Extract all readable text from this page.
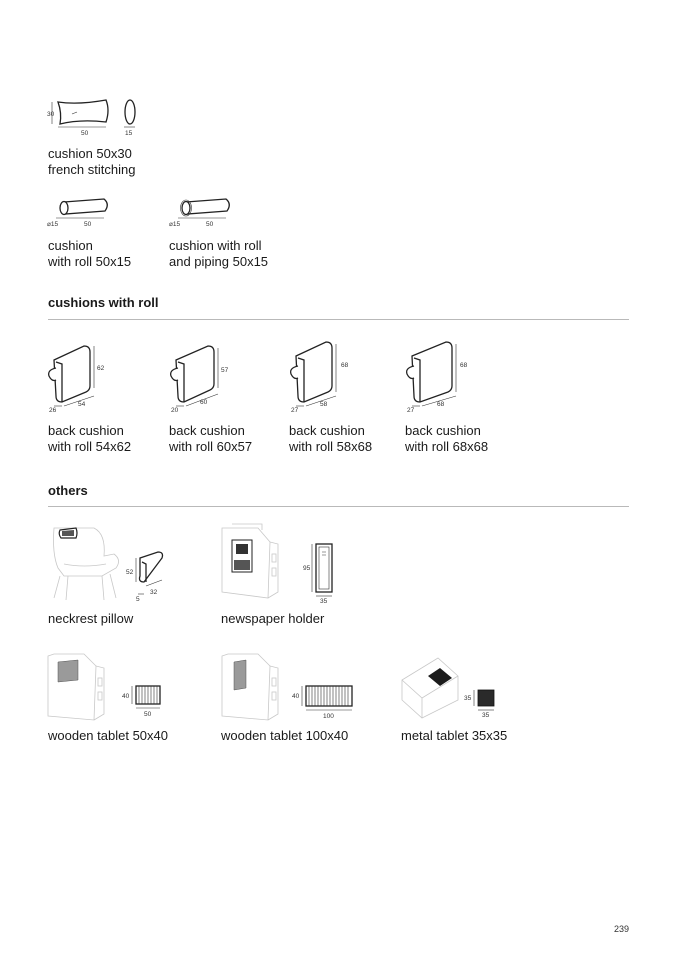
30
50	15
cushion 50x30
french stitching
⌀15	50
cushion
with roll 50x15
⌀15	50
cushion with roll
and piping 50x15
cushions with roll
62
54
26
back cushion
with roll 54x62
57
60
20
back cushion
with roll 60x57
68
58
27
back cushion
with roll 58x68
68
68
27
back cushion
with roll 68x68
others
52
32
5
neckrest pillow
95
35
newspaper holder
40
50
wooden tablet 50x40
40
100
wooden tablet 100x40
35
35
metal tablet 35x35
239
